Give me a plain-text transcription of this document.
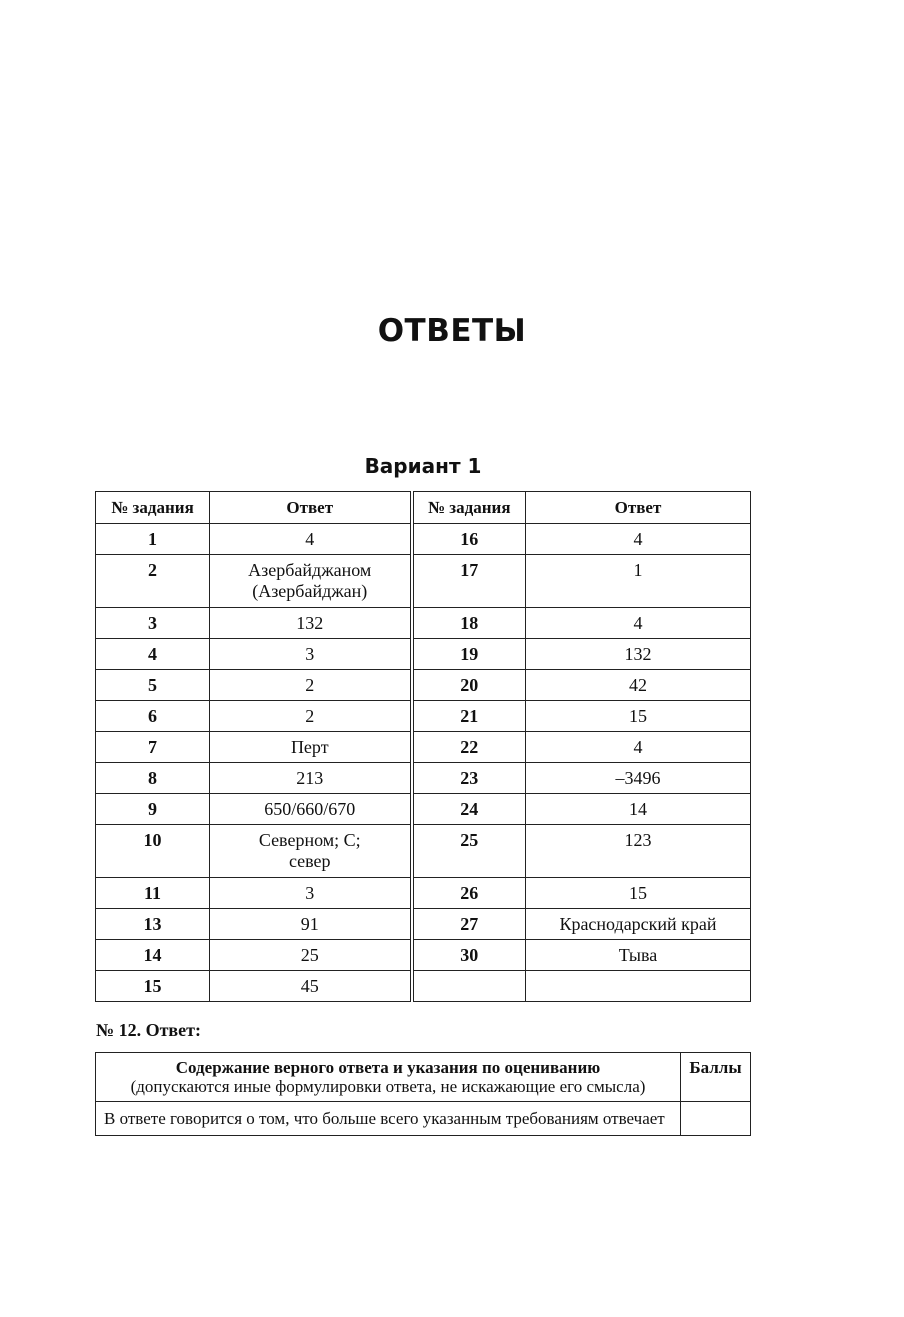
ОТВЕТЫ
Вариант 1
№ задания	Ответ	№ задания	Ответ
1	4	16	4
2	Азербайджаном (Азербайджан)	17	1
3	132	18	4
4	3	19	132
5	2	20	42
6	2	21	15
7	Перт	22	4
8	213	23	–3496
9	650/660/670	24	14
10	Северном; С; север	25	123
11	3	26	15
13	91	27	Краснодарский край
14	25	30	Тыва
15	45		
№ 12. Ответ:
Содержание верного ответа и указания по оцениванию
(допускаются иные формулировки ответа, не искажающие его смысла)	Баллы
В ответе говорится о том, что больше всего указанным требованиям отвечает	
